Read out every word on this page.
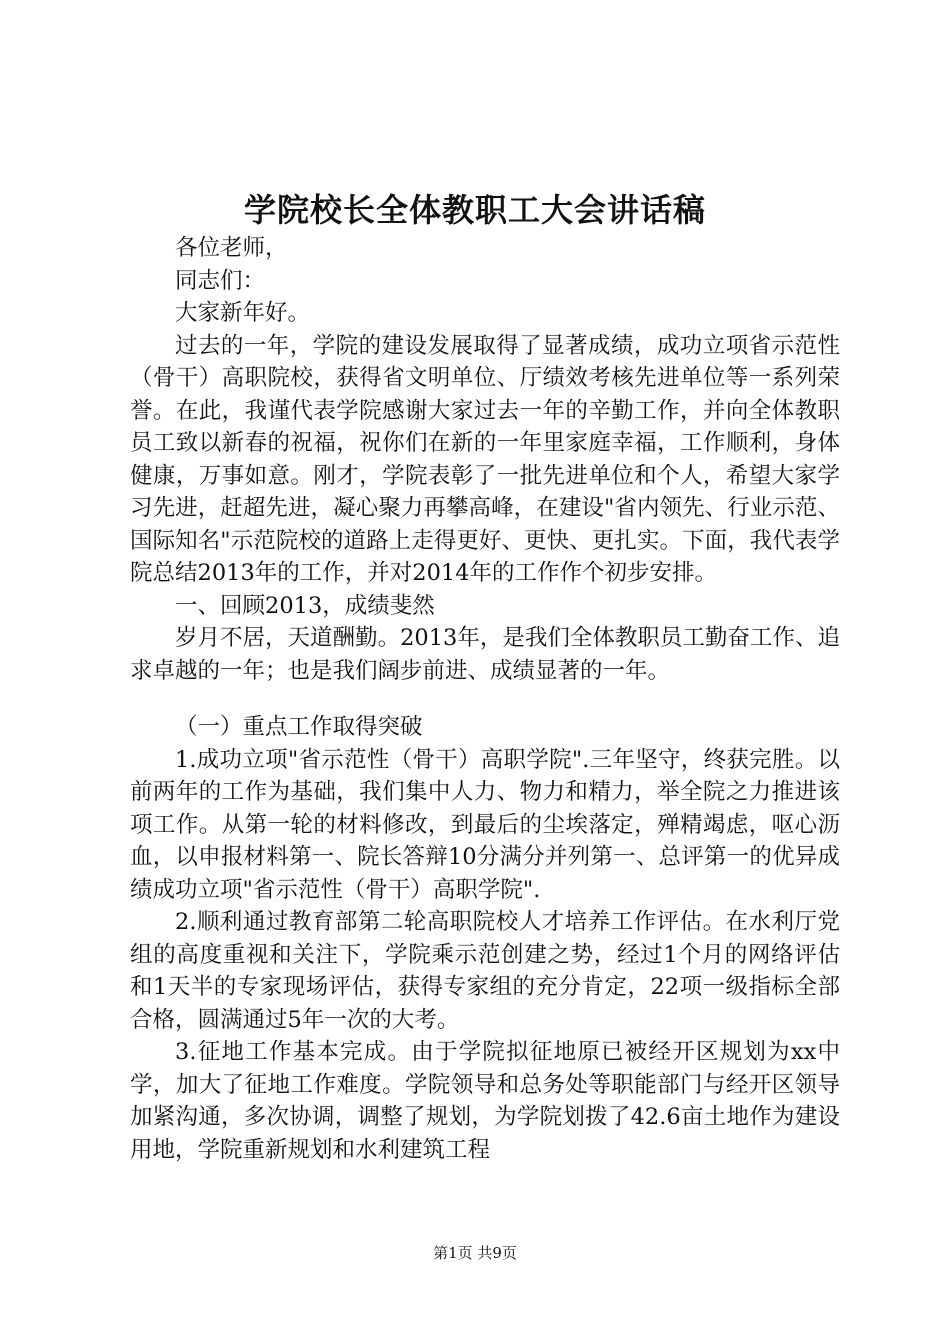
学院校长全体教职工大会讲话稿

各位老师，

同志们：

大家新年好。

过去的一年，学院的建设发展取得了显著成绩，成功立项省示范性（骨干）高职院校，获得省文明单位、厅绩效考核先进单位等一系列荣誉。在此，我谨代表学院感谢大家过去一年的辛勤工作，并向全体教职员工致以新春的祝福，祝你们在新的一年里家庭幸福，工作顺利，身体健康，万事如意。刚才，学院表彰了一批先进单位和个人，希望大家学习先进，赶超先进，凝心聚力再攀高峰，在建设"省内领先、行业示范、国际知名"示范院校的道路上走得更好、更快、更扎实。下面，我代表学院总结2013年的工作，并对2014年的工作作个初步安排。

一、回顾2013，成绩斐然

岁月不居，天道酬勤。2013年，是我们全体教职员工勤奋工作、追求卓越的一年；也是我们阔步前进、成绩显著的一年。

（一）重点工作取得突破

1.成功立项"省示范性（骨干）高职学院".三年坚守，终获完胜。以前两年的工作为基础，我们集中人力、物力和精力，举全院之力推进该项工作。从第一轮的材料修改，到最后的尘埃落定，殚精竭虑，呕心沥血，以申报材料第一、院长答辩10分满分并列第一、总评第一的优异成绩成功立项"省示范性（骨干）高职学院".

2.顺利通过教育部第二轮高职院校人才培养工作评估。在水利厅党组的高度重视和关注下，学院乘示范创建之势，经过1个月的网络评估和1天半的专家现场评估，获得专家组的充分肯定，22项一级指标全部合格，圆满通过5年一次的大考。

3.征地工作基本完成。由于学院拟征地原已被经开区规划为xx中学，加大了征地工作难度。学院领导和总务处等职能部门与经开区领导加紧沟通，多次协调，调整了规划，为学院划拨了42.6亩土地作为建设用地，学院重新规划和水利建筑工程

第1页 共9页
